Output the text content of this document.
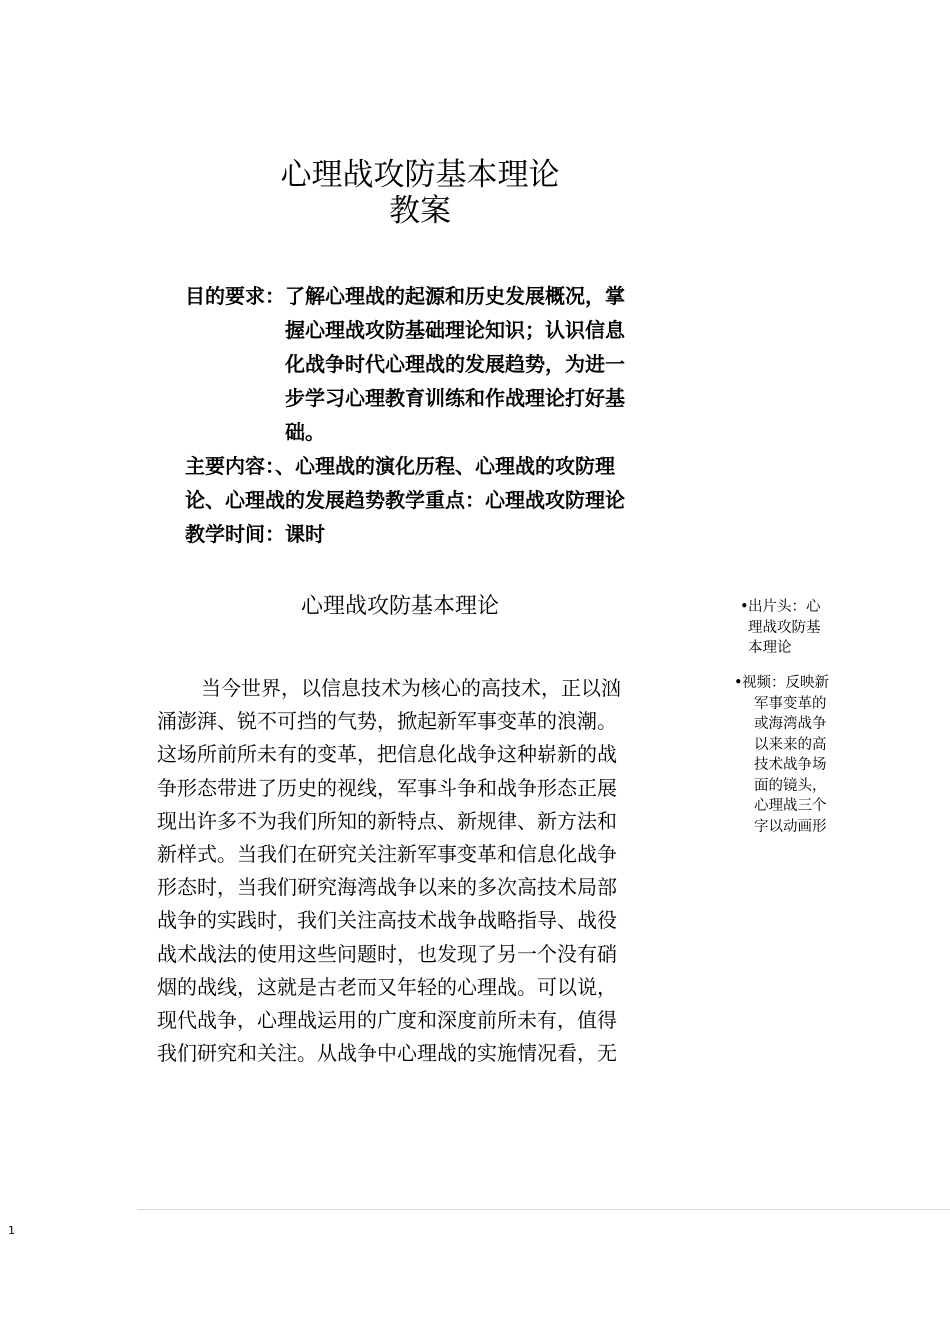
心理战攻防基本理论
教案
目的要求： 了解心理战的起源和历史发展概况，掌
握心理战攻防基础理论知识；认识信息
化战争时代心理战的发展趋势，为进一
步学习心理教育训练和作战理论打好基
础。
主要内容：、心理战的演化历程、心理战的攻防理
论、心理战的发展趋势教学重点：心理战攻防理论
教学时间：课时
心理战攻防基本理论
当今世界，以信息技术为核心的高技术，正以汹
涌澎湃、锐不可挡的气势，掀起新军事变革的浪潮。
这场所前所未有的变革，把信息化战争这种崭新的战
争形态带进了历史的视线，军事斗争和战争形态正展
现出许多不为我们所知的新特点、新规律、新方法和
新样式。当我们在研究关注新军事变革和信息化战争
形态时，当我们研究海湾战争以来的多次高技术局部
战争的实践时，我们关注高技术战争战略指导、战役
战术战法的使用这些问题时，也发现了另一个没有硝
烟的战线，这就是古老而又年轻的心理战。可以说，
现代战争，心理战运用的广度和深度前所未有，值得
我们研究和关注。从战争中心理战的实施情况看，无
•出片头：心
理战攻防基
本理论
•视频：反映新
军事变革的
或海湾战争
以来来的高
技术战争场
面的镜头，
心理战三个
字以动画形
1
